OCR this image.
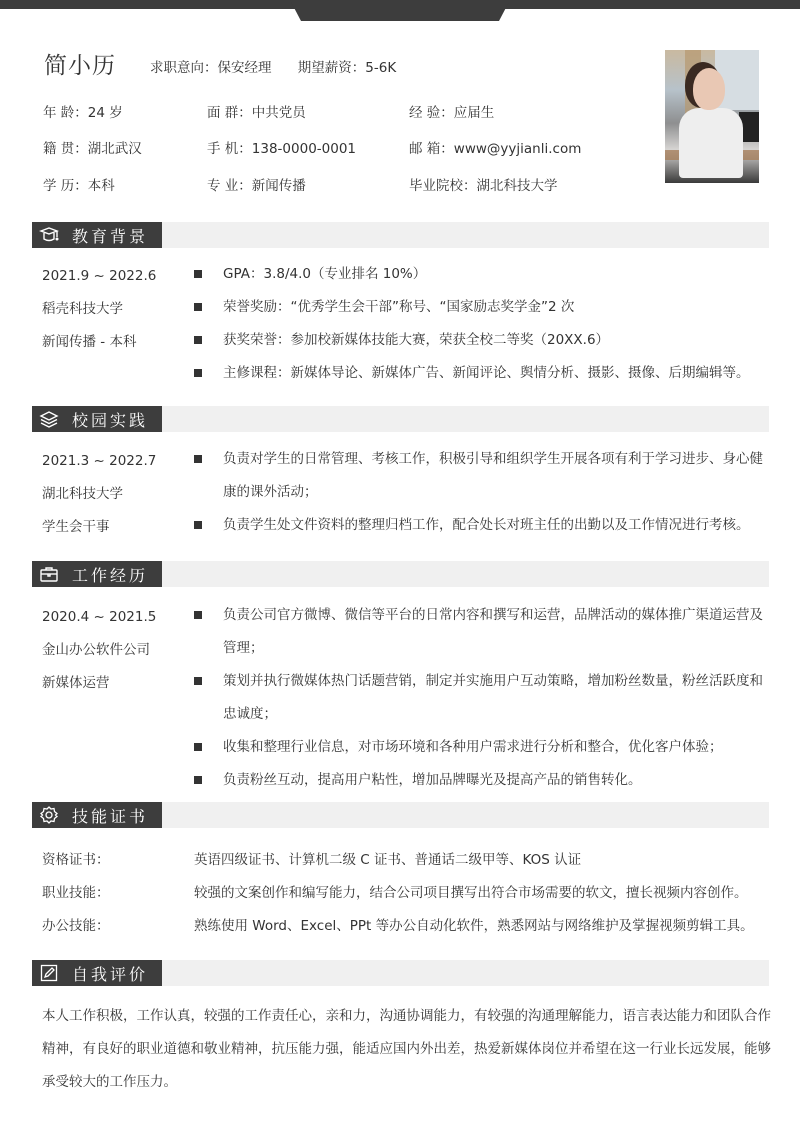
简小历	求职意向：保安经理 期望薪资：5-6K
年 龄：24 岁	面 群：中共党员	经 验：应届生
籍 贯：湖北武汉	手 机：138-0000-0001	邮 箱：www@yyjianli.com
学 历：本科	专 业：新闻传播	毕业院校：湖北科技大学
教育背景
2021.9 ~ 2022.6
稻壳科技大学
新闻传播 - 本科
GPA：3.8/4.0（专业排名 10%）
荣誉奖励：“优秀学生会干部”称号、“国家励志奖学金”2 次
获奖荣誉：参加校新媒体技能大赛，荣获全校二等奖（20XX.6）
主修课程：新媒体导论、新媒体广告、新闻评论、舆情分析、摄影、摄像、后期编辑等。
校园实践
2021.3 ~ 2022.7
湖北科技大学
学生会干事
负责对学生的日常管理、考核工作，积极引导和组织学生开展各项有利于学习进步、身心健康的课外活动；
负责学生处文件资料的整理归档工作，配合处长对班主任的出勤以及工作情况进行考核。
工作经历
2020.4 ~ 2021.5
金山办公软件公司
新媒体运营
负责公司官方微博、微信等平台的日常内容和撰写和运营，品牌活动的媒体推广渠道运营及管理；
策划并执行微媒体热门话题营销，制定并实施用户互动策略，增加粉丝数量，粉丝活跃度和忠诚度；
收集和整理行业信息，对市场环境和各种用户需求进行分析和整合，优化客户体验；
负责粉丝互动，提高用户粘性，增加品牌曝光及提高产品的销售转化。
技能证书
资格证书：	英语四级证书、计算机二级 C 证书、普通话二级甲等、KOS 认证
职业技能：	较强的文案创作和编写能力，结合公司项目撰写出符合市场需要的软文，擅长视频内容创作。
办公技能：	熟练使用 Word、Excel、PPt 等办公自动化软件，熟悉网站与网络维护及掌握视频剪辑工具。
自我评价
本人工作积极，工作认真，较强的工作责任心，亲和力，沟通协调能力，有较强的沟通理解能力，语言表达能力和团队合作精神，有良好的职业道德和敬业精神，抗压能力强，能适应国内外出差，热爱新媒体岗位并希望在这一行业长远发展，能够承受较大的工作压力。
